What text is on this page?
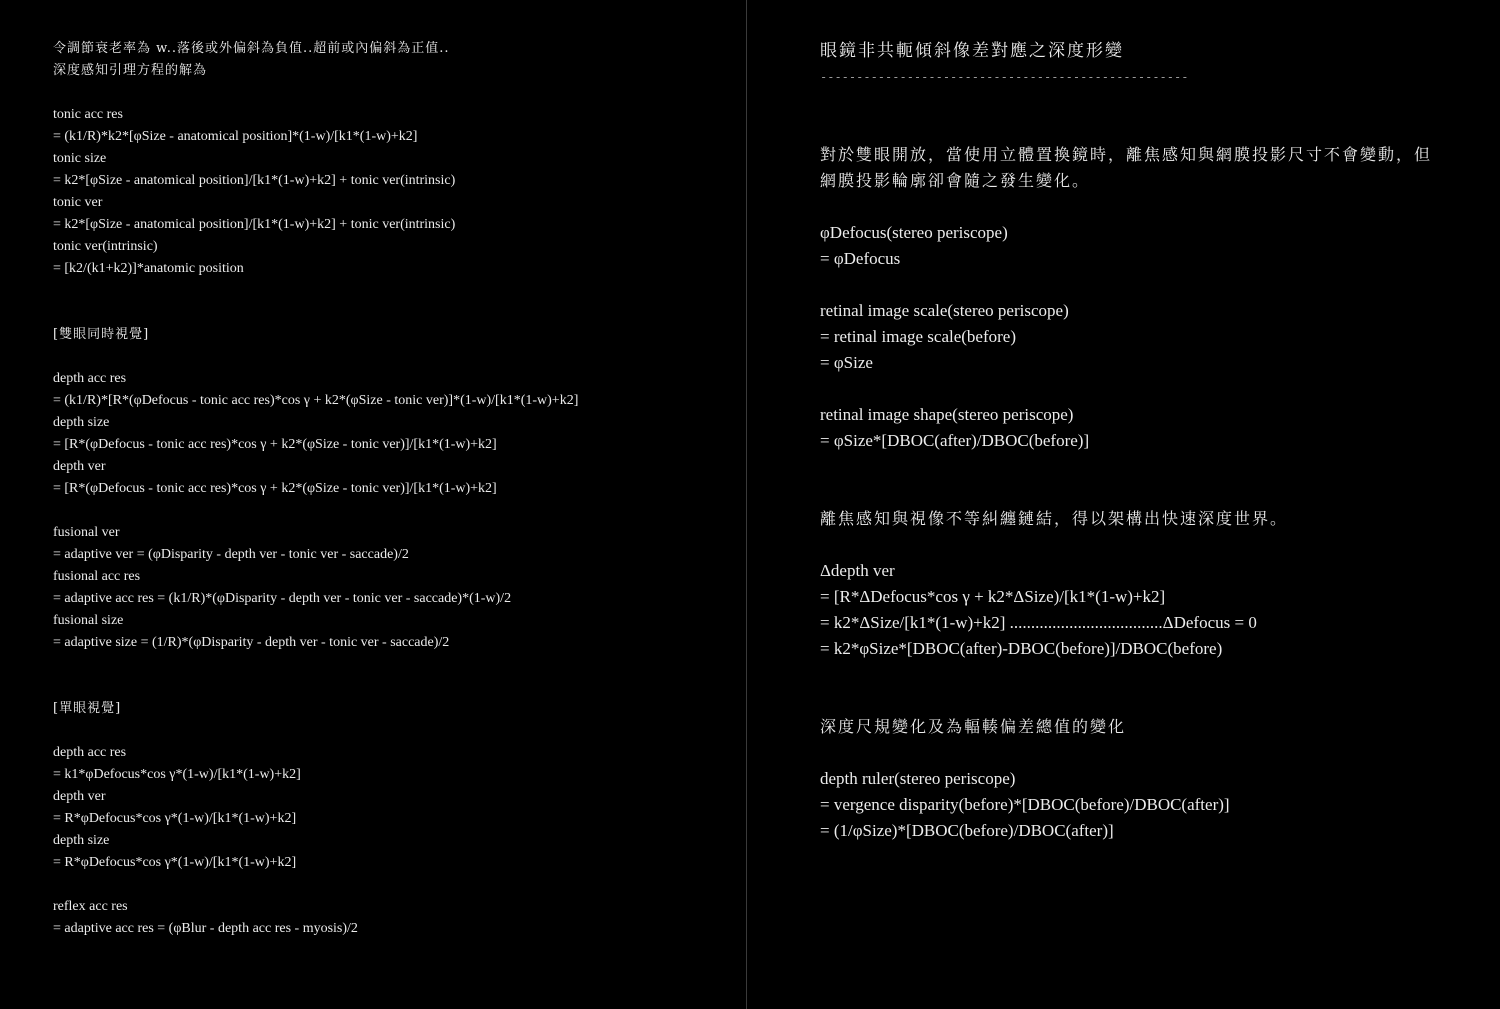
令調節衰老率為 w..落後或外偏斜為負值..超前或內偏斜為正值..
深度感知引理方程的解為
tonic acc res
= (k1/R)*k2*[φSize - anatomical position]*(1-w)/[k1*(1-w)+k2]
tonic size
= k2*[φSize - anatomical position]/[k1*(1-w)+k2] + tonic ver(intrinsic)
tonic ver
= k2*[φSize - anatomical position]/[k1*(1-w)+k2] + tonic ver(intrinsic)
tonic ver(intrinsic)
= [k2/(k1+k2)]*anatomic position
[雙眼同時視覺]
depth acc res
= (k1/R)*[R*(φDefocus - tonic acc res)*cos γ + k2*(φSize - tonic ver)]*(1-w)/[k1*(1-w)+k2]
depth size
= [R*(φDefocus - tonic acc res)*cos γ + k2*(φSize - tonic ver)]/[k1*(1-w)+k2]
depth ver
= [R*(φDefocus - tonic acc res)*cos γ + k2*(φSize - tonic ver)]/[k1*(1-w)+k2]
fusional ver
= adaptive ver = (φDisparity - depth ver - tonic ver - saccade)/2
fusional acc res
= adaptive acc res = (k1/R)*(φDisparity - depth ver - tonic ver - saccade)*(1-w)/2
fusional size
= adaptive size = (1/R)*(φDisparity - depth ver - tonic ver - saccade)/2
[單眼視覺]
depth acc res
= k1*φDefocus*cos γ*(1-w)/[k1*(1-w)+k2]
depth ver
= R*φDefocus*cos γ*(1-w)/[k1*(1-w)+k2]
depth size
= R*φDefocus*cos γ*(1-w)/[k1*(1-w)+k2]
reflex acc res
= adaptive acc res = (φBlur - depth acc res - myosis)/2
眼鏡非共軛傾斜像差對應之深度形變
---------------------------------------------------
對於雙眼開放，當使用立體置換鏡時，離焦感知與網膜投影尺寸不會變動，但網膜投影輪廓卻會隨之發生變化。
φDefocus(stereo periscope)
= φDefocus
retinal image scale(stereo periscope)
= retinal image scale(before)
= φSize
retinal image shape(stereo periscope)
= φSize*[DBOC(after)/DBOC(before)]
離焦感知與視像不等糾纏鏈結，得以架構出快速深度世界。
Δdepth ver
= [R*ΔDefocus*cos γ + k2*ΔSize)/[k1*(1-w)+k2]
= k2*ΔSize/[k1*(1-w)+k2] ....................................ΔDefocus = 0
= k2*φSize*[DBOC(after)-DBOC(before)]/DBOC(before)
深度尺規變化及為輻輳偏差總值的變化
depth ruler(stereo periscope)
= vergence disparity(before)*[DBOC(before)/DBOC(after)]
= (1/φSize)*[DBOC(before)/DBOC(after)]
